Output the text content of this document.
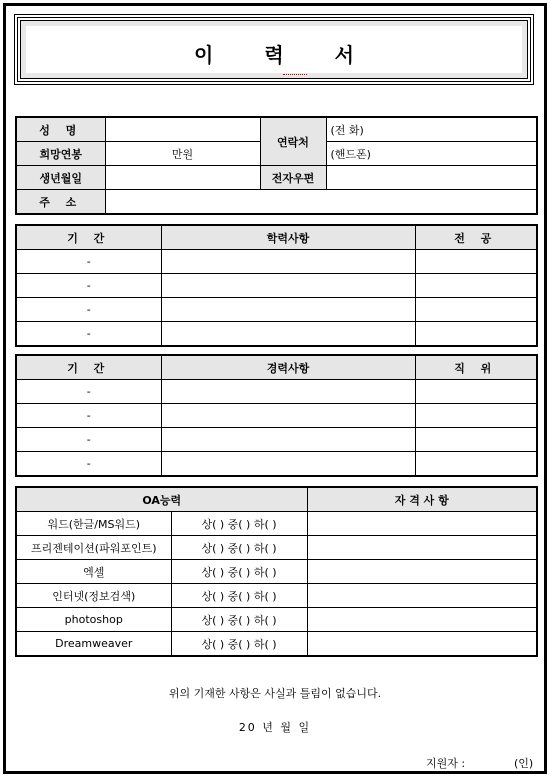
이 력 서
성 명		연락처	(전 화)
희망연봉	만원		(핸드폰)
생년월일		전자우편	
주 소			
기 간	학력사항	전 공
-		
-		
-		
-		
기 간	경력사항	직 위
-		
-		
-		
-		
OA능력		자 격 사 항
워드(한글/MS워드)	상( ) 중( ) 하( )	
프리젠테이션(파워포인트)	상( ) 중( ) 하( )	
엑셀	상( ) 중( ) 하( )	
인터넷(정보검색)	상( ) 중( ) 하( )	
photoshop	상( ) 중( ) 하( )	
Dreamweaver	상( ) 중( ) 하( )	
위의 기재한 사항은 사실과 틀림이 없습니다.
20 년 월 일
지원자 :	(인)
